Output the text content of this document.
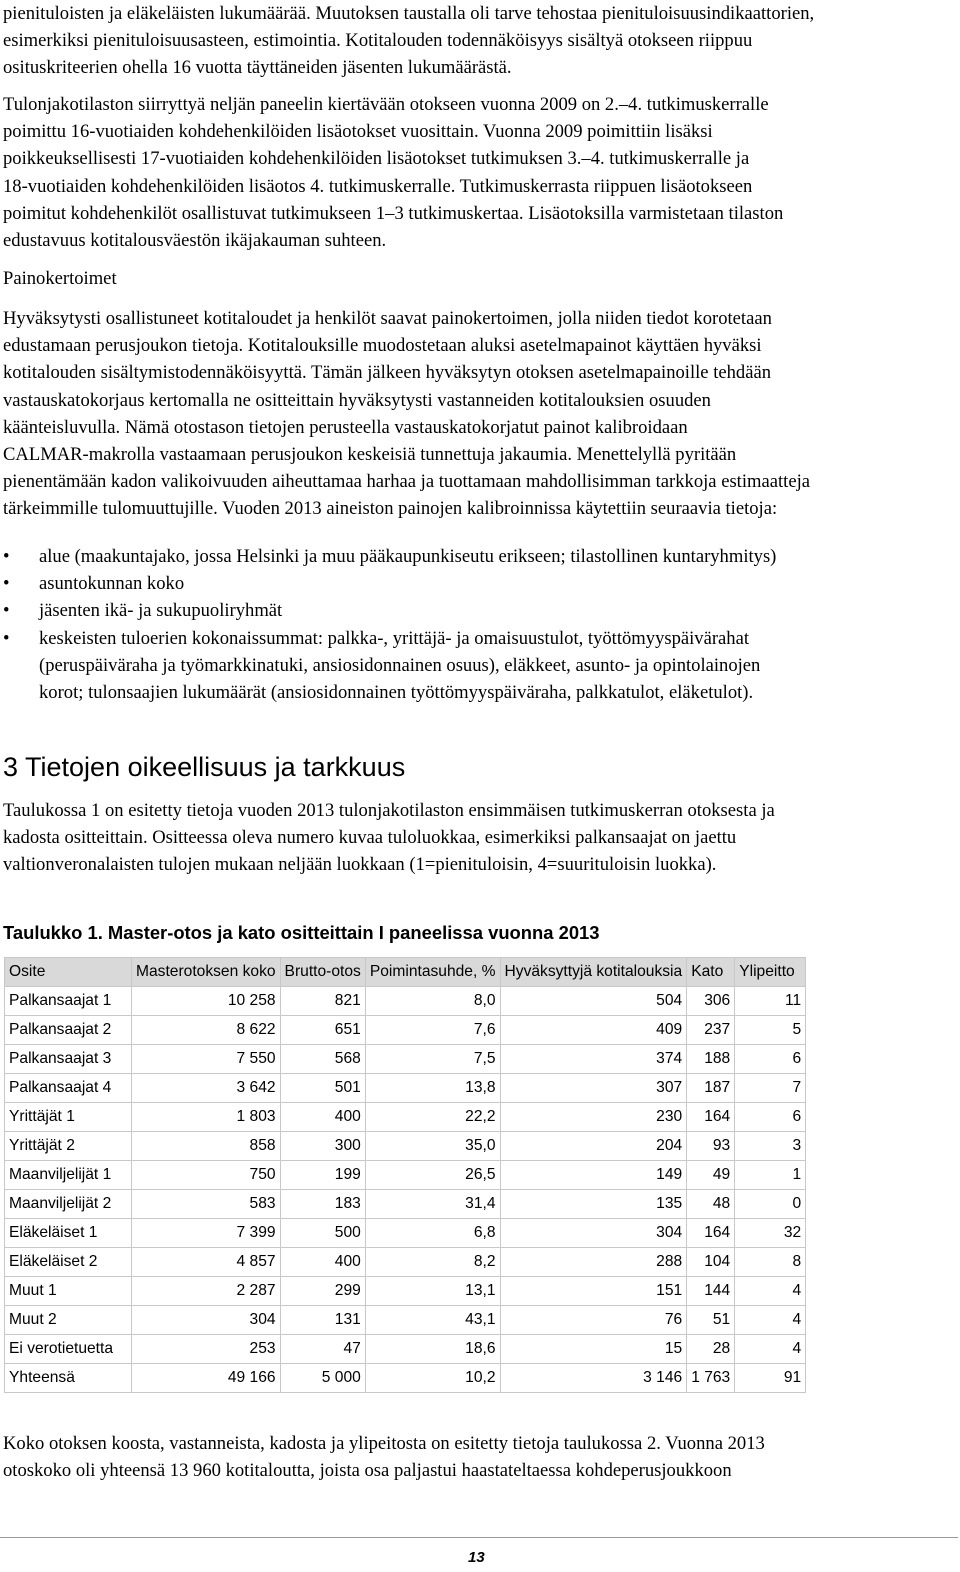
pienituloisten ja eläkeläisten lukumäärää. Muutoksen taustalla oli tarve tehostaa pienituloisuusindikaattorien,

esimerkiksi pienituloisuusasteen, estimointia. Kotitalouden todennäköisyys sisältyä otokseen riippuu

osituskriteerien ohella 16 vuotta täyttäneiden jäsenten lukumäärästä.

Tulonjakotilaston siirryttyä neljän paneelin kiertävään otokseen vuonna 2009 on 2.–4. tutkimuskerralle

poimittu 16-vuotiaiden kohdehenkilöiden lisäotokset vuosittain. Vuonna 2009 poimittiin lisäksi

poikkeuksellisesti 17-vuotiaiden kohdehenkilöiden lisäotokset tutkimuksen 3.–4. tutkimuskerralle ja

18-vuotiaiden kohdehenkilöiden lisäotos 4. tutkimuskerralle. Tutkimuskerrasta riippuen lisäotokseen

poimitut kohdehenkilöt osallistuvat tutkimukseen 1–3 tutkimuskertaa. Lisäotoksilla varmistetaan tilaston

edustavuus kotitalousväestön ikäjakauman suhteen.

Painokertoimet

Hyväksytysti osallistuneet kotitaloudet ja henkilöt saavat painokertoimen, jolla niiden tiedot korotetaan

edustamaan perusjoukon tietoja. Kotitalouksille muodostetaan aluksi asetelmapainot käyttäen hyväksi

kotitalouden sisältymistodennäköisyyttä. Tämän jälkeen hyväksytyn otoksen asetelmapainoille tehdään

vastauskatokorjaus kertomalla ne ositteittain hyväksytysti vastanneiden kotitalouksien osuuden

käänteisluvulla. Nämä otostason tietojen perusteella vastauskatokorjatut painot kalibroidaan

CALMAR-makrolla vastaamaan perusjoukon keskeisiä tunnettuja jakaumia. Menettelyllä pyritään

pienentämään kadon valikoivuuden aiheuttamaa harhaa ja tuottamaan mahdollisimman tarkkoja estimaatteja

tärkeimmille tulomuuttujille. Vuoden 2013 aineiston painojen kalibroinnissa käytettiin seuraavia tietoja:

• alue (maakuntajako, jossa Helsinki ja muu pääkaupunkiseutu erikseen; tilastollinen kuntaryhmitys)
• asuntokunnan koko
• jäsenten ikä- ja sukupuoliryhmät
• keskeisten tuloerien kokonaissummat: palkka-, yrittäjä- ja omaisuustulot, työttömyyspäivärahat
(peruspäiväraha ja työmarkkinatuki, ansiosidonnainen osuus), eläkkeet, asunto- ja opintolainojen
korot; tulonsaajien lukumäärät (ansiosidonnainen työttömyyspäiväraha, palkkatulot, eläketulot).
3 Tietojen oikeellisuus ja tarkkuus

Taulukossa 1 on esitetty tietoja vuoden 2013 tulonjakotilaston ensimmäisen tutkimuskerran otoksesta ja

kadosta ositteittain. Ositteessa oleva numero kuvaa tuloluokkaa, esimerkiksi palkansaajat on jaettu

valtionveronalaisten tulojen mukaan neljään luokkaan (1=pienituloisin, 4=suurituloisin luokka).

Taulukko 1. Master-otos ja kato ositteittain I paneelissa vuonna 2013
Osite	Masterotoksen koko	Brutto-otos	Poimintasuhde, %	Hyväksyttyjä kotitalouksia	Kato	Ylipeitto
Palkansaajat 1	10 258	821	8,0	504	306	11
Palkansaajat 2	8 622	651	7,6	409	237	5
Palkansaajat 3	7 550	568	7,5	374	188	6
Palkansaajat 4	3 642	501	13,8	307	187	7
Yrittäjät 1	1 803	400	22,2	230	164	6
Yrittäjät 2	858	300	35,0	204	93	3
Maanviljelijät 1	750	199	26,5	149	49	1
Maanviljelijät 2	583	183	31,4	135	48	0
Eläkeläiset 1	7 399	500	6,8	304	164	32
Eläkeläiset 2	4 857	400	8,2	288	104	8
Muut 1	2 287	299	13,1	151	144	4
Muut 2	304	131	43,1	76	51	4
Ei verotietuetta	253	47	18,6	15	28	4
Yhteensä	49 166	5 000	10,2	3 146	1 763	91

Koko otoksen koosta, vastanneista, kadosta ja ylipeitosta on esitetty tietoja taulukossa 2. Vuonna 2013

otoskoko oli yhteensä 13 960 kotitaloutta, joista osa paljastui haastateltaessa kohdeperusjoukkoon

13
